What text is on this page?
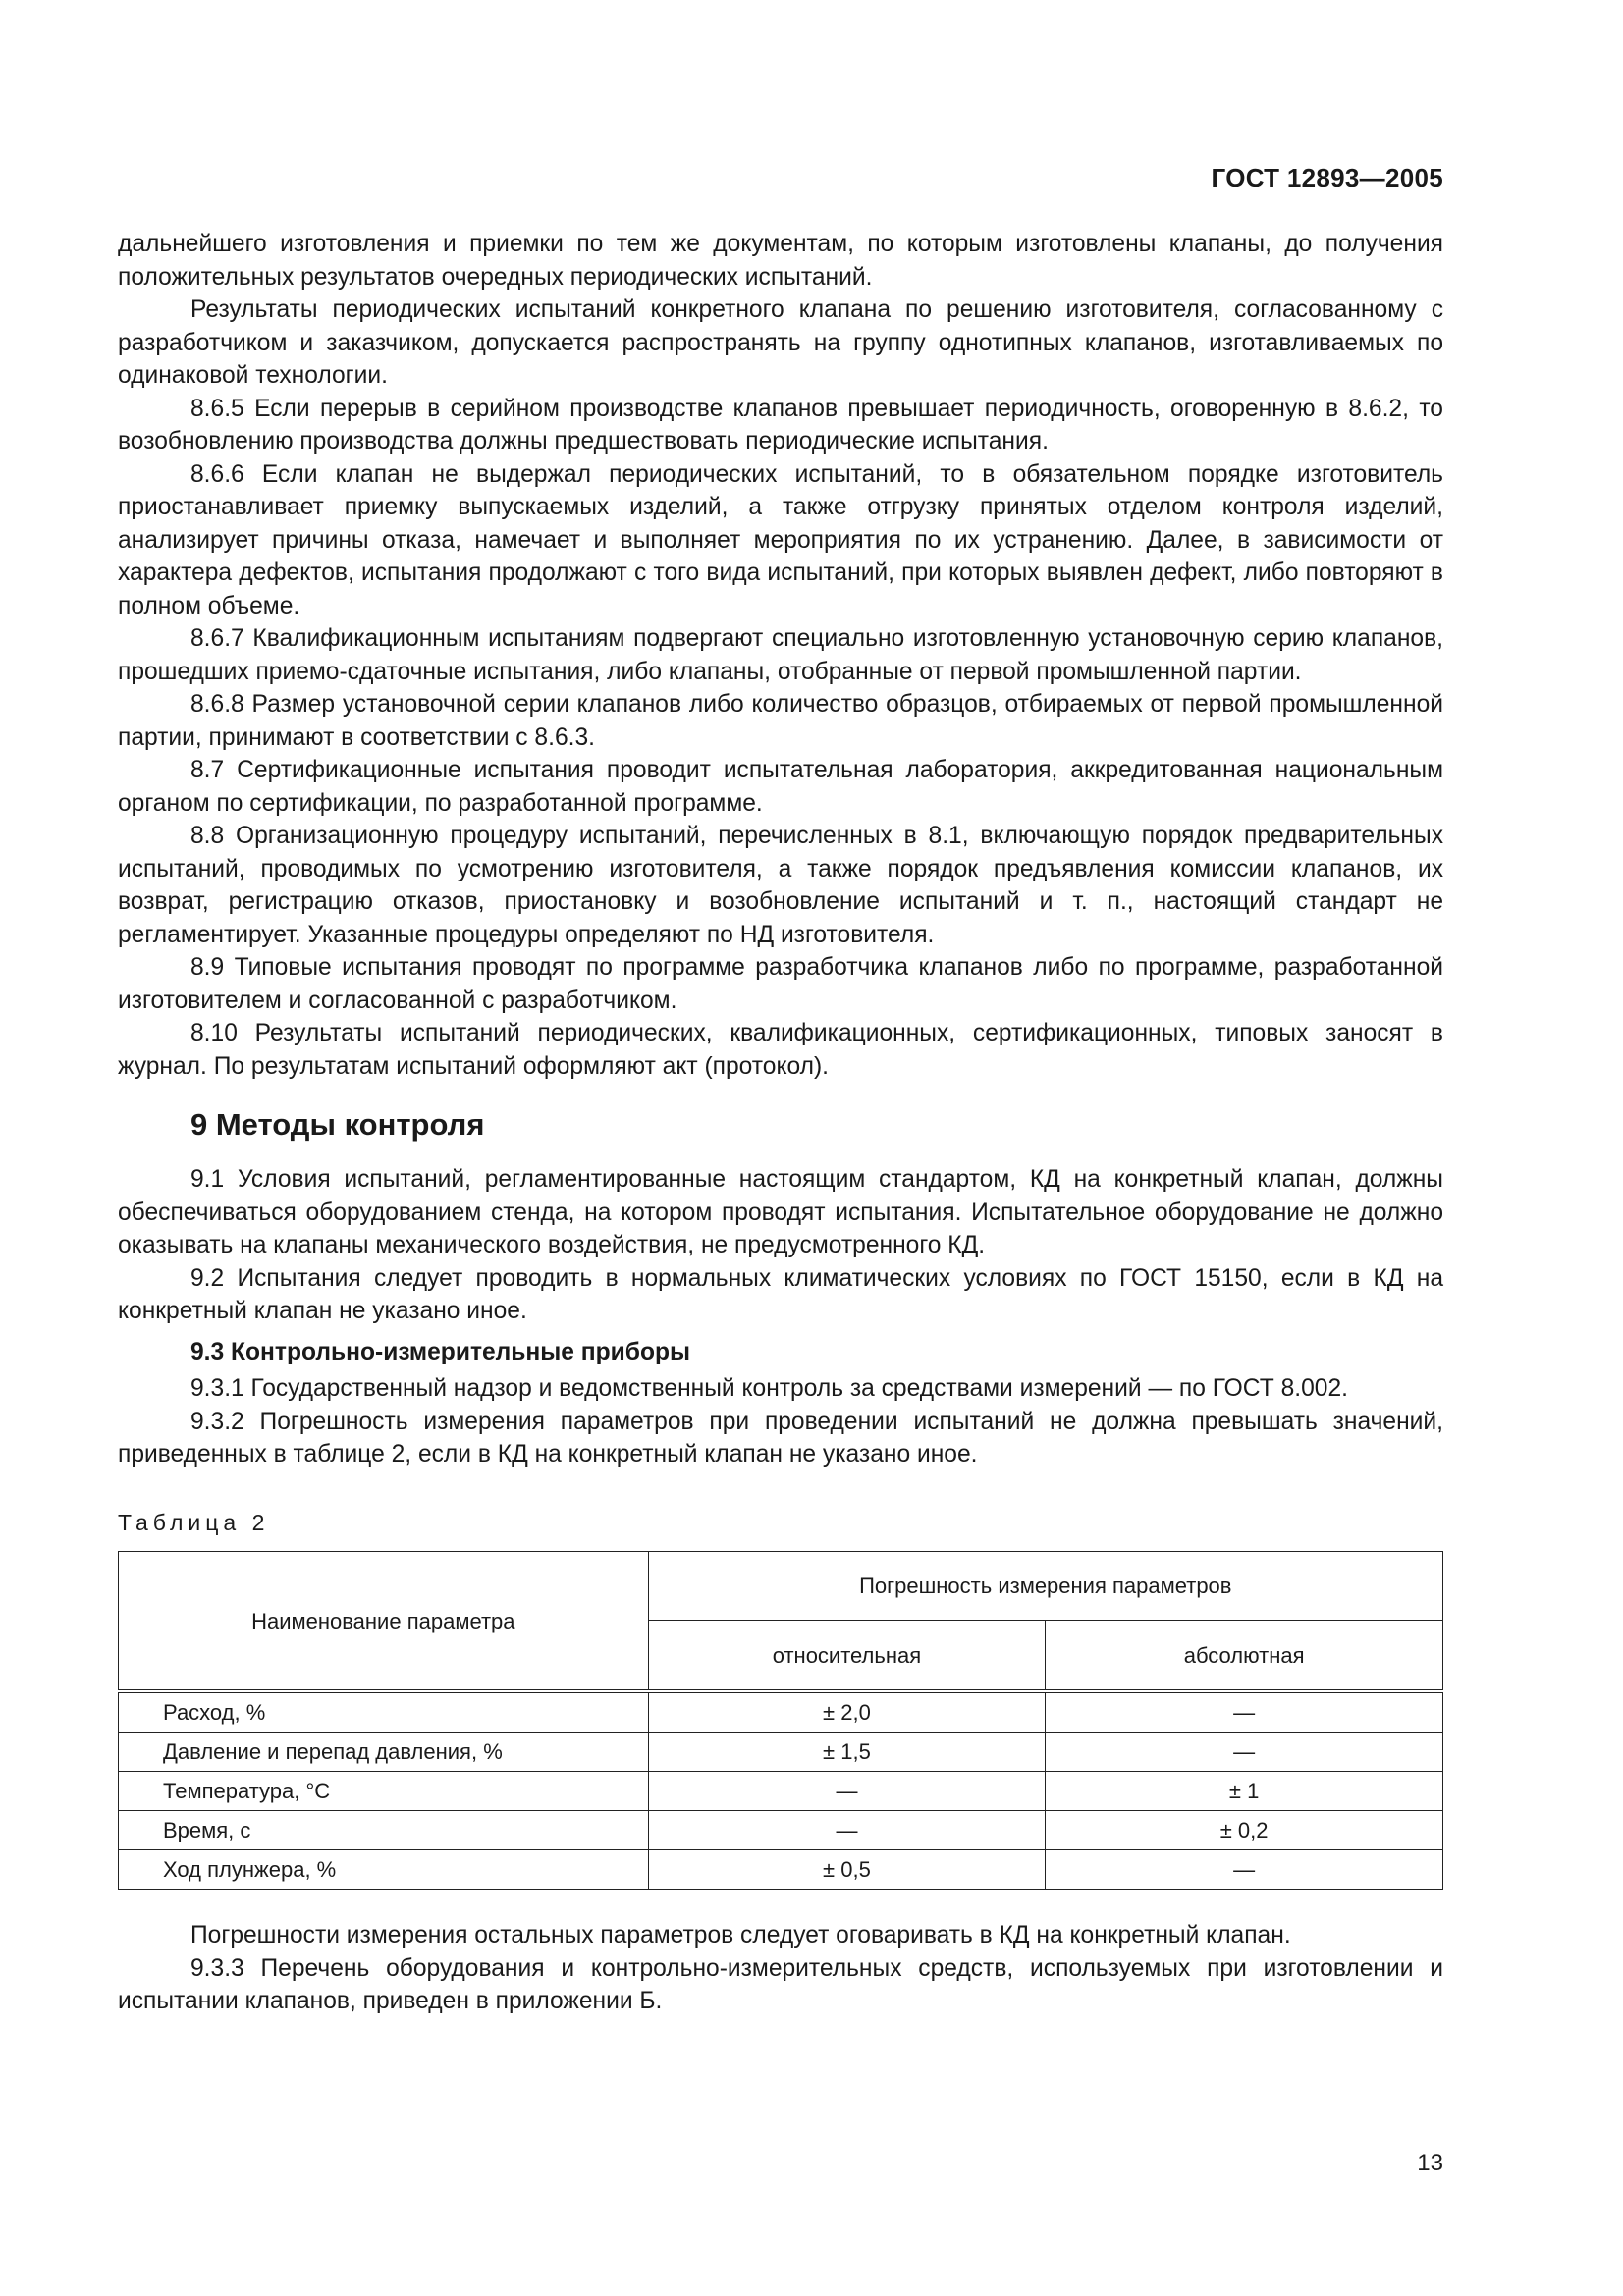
ГОСТ 12893—2005

дальнейшего изготовления и приемки по тем же документам, по которым изготовлены клапаны, до получения положительных результатов очередных периодических испытаний.

Результаты периодических испытаний конкретного клапана по решению изготовителя, согласованному с разработчиком и заказчиком, допускается распространять на группу однотипных клапанов, изготавливаемых по одинаковой технологии.

8.6.5 Если перерыв в серийном производстве клапанов превышает периодичность, оговоренную в 8.6.2, то возобновлению производства должны предшествовать периодические испытания.

8.6.6 Если клапан не выдержал периодических испытаний, то в обязательном порядке изготовитель приостанавливает приемку выпускаемых изделий, а также отгрузку принятых отделом контроля изделий, анализирует причины отказа, намечает и выполняет мероприятия по их устранению. Далее, в зависимости от характера дефектов, испытания продолжают с того вида испытаний, при которых выявлен дефект, либо повторяют в полном объеме.

8.6.7 Квалификационным испытаниям подвергают специально изготовленную установочную серию клапанов, прошедших приемо-сдаточные испытания, либо клапаны, отобранные от первой промышленной партии.

8.6.8 Размер установочной серии клапанов либо количество образцов, отбираемых от первой промышленной партии, принимают в соответствии с 8.6.3.

8.7 Сертификационные испытания проводит испытательная лаборатория, аккредитованная национальным органом по сертификации, по разработанной программе.

8.8 Организационную процедуру испытаний, перечисленных в 8.1, включающую порядок предварительных испытаний, проводимых по усмотрению изготовителя, а также порядок предъявления комиссии клапанов, их возврат, регистрацию отказов, приостановку и возобновление испытаний и т. п., настоящий стандарт не регламентирует. Указанные процедуры определяют по НД изготовителя.

8.9 Типовые испытания проводят по программе разработчика клапанов либо по программе, разработанной изготовителем и согласованной с разработчиком.

8.10 Результаты испытаний периодических, квалификационных, сертификационных, типовых заносят в журнал. По результатам испытаний оформляют акт (протокол).

9 Методы контроля

9.1 Условия испытаний, регламентированные настоящим стандартом, КД на конкретный клапан, должны обеспечиваться оборудованием стенда, на котором проводят испытания. Испытательное оборудование не должно оказывать на клапаны механического воздействия, не предусмотренного КД.

9.2 Испытания следует проводить в нормальных климатических условиях по ГОСТ 15150, если в КД на конкретный клапан не указано иное.

9.3 Контрольно-измерительные приборы

9.3.1 Государственный надзор и ведомственный контроль за средствами измерений — по ГОСТ 8.002.

9.3.2 Погрешность измерения параметров при проведении испытаний не должна превышать значений, приведенных в таблице 2, если в КД на конкретный клапан не указано иное.

Таблица 2
Наименование параметра	Погрешность измерения параметров	
	относительная	абсолютная
Расход, %	± 2,0	—
Давление и перепад давления, %	± 1,5	—
Температура, °C	—	± 1
Время, с	—	± 0,2
Ход плунжера, %	± 0,5	—

Погрешности измерения остальных параметров следует оговаривать в КД на конкретный клапан.

9.3.3 Перечень оборудования и контрольно-измерительных средств, используемых при изготовлении и испытании клапанов, приведен в приложении Б.

13
